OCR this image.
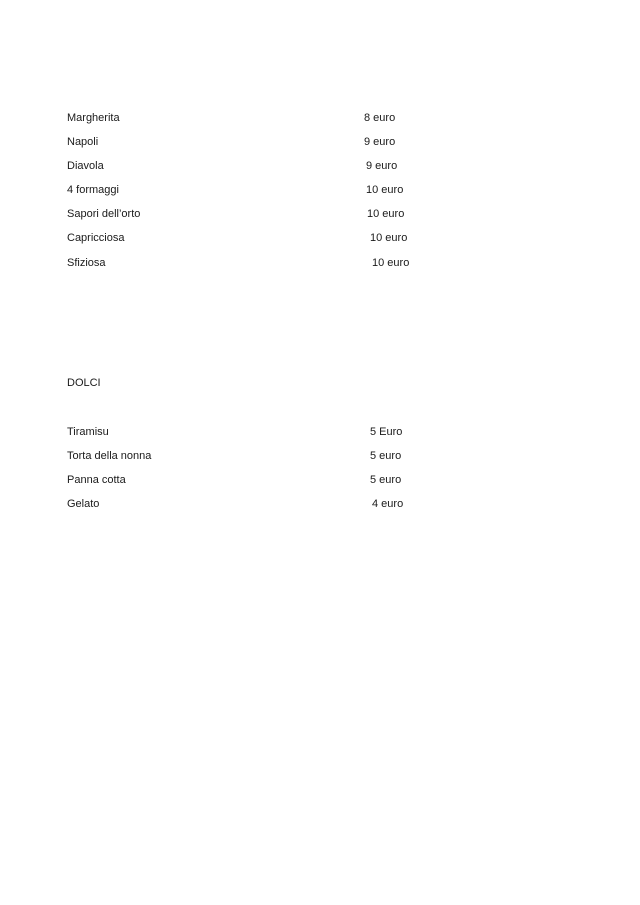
Margherita	8 euro
Napoli	9 euro
Diavola	9 euro
4 formaggi	10 euro
Sapori dell’orto	10 euro
Capricciosa	10 euro
Sfiziosa	10 euro
DOLCI
Tiramisu	5 Euro
Torta della nonna	5 euro
Panna cotta	5 euro
Gelato	4 euro
